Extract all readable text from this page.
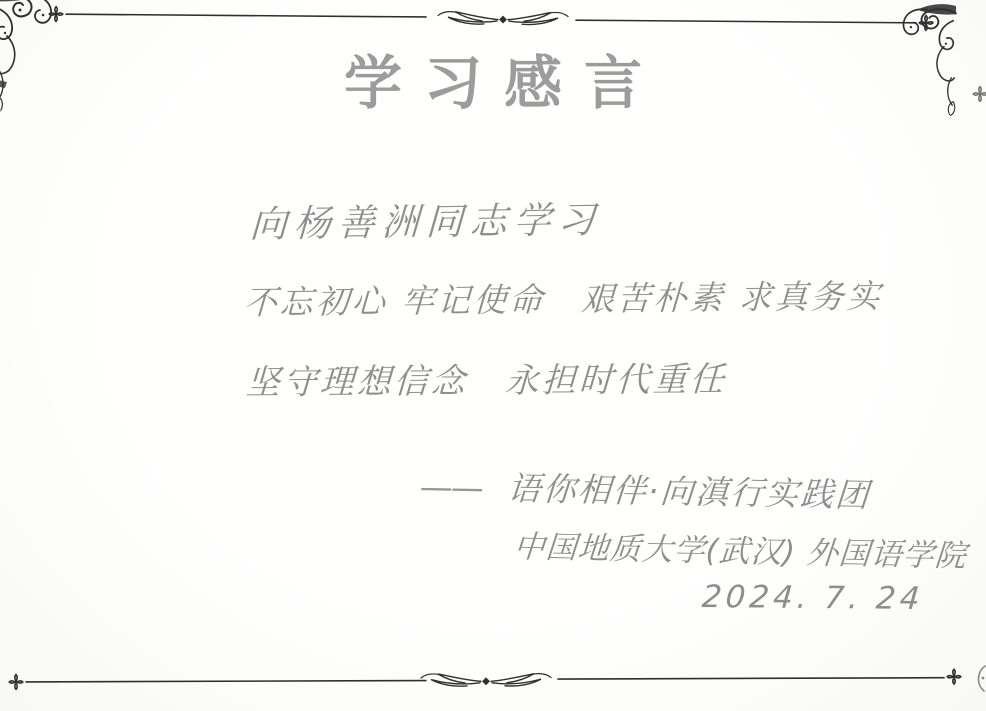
学习感言
向杨善洲同志学习
不忘初心 牢记使命　艰苦朴素 求真务实
坚守理想信念　永担时代重任
—— 语你相伴·向滇行实践团
中国地质大学(武汉) 外国语学院
2024. 7. 24
